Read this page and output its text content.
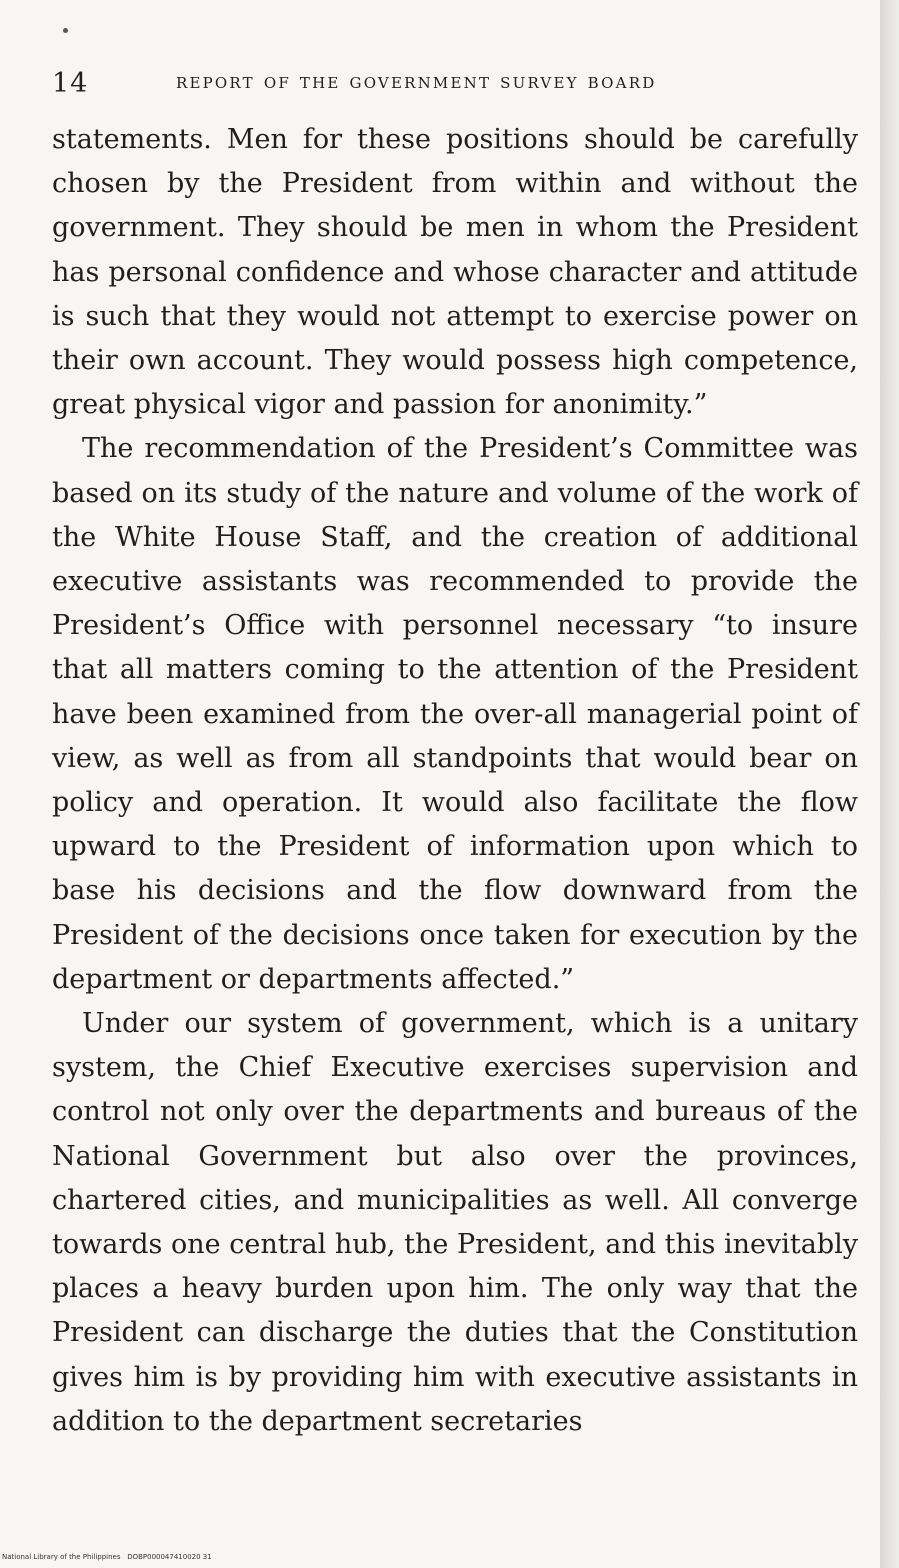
14	REPORT OF THE GOVERNMENT SURVEY BOARD

statements. Men for these positions should be carefully chosen by the President from within and without the government. They should be men in whom the President has personal confidence and whose character and attitude is such that they would not attempt to exercise power on their own account. They would possess high competence, great physical vigor and passion for anonimity.”

The recommendation of the President’s Committee was based on its study of the nature and volume of the work of the White House Staff, and the creation of additional executive assistants was recommended to provide the President’s Office with personnel necessary “to insure that all matters coming to the attention of the President have been examined from the over-all managerial point of view, as well as from all standpoints that would bear on policy and operation. It would also facilitate the flow upward to the President of information upon which to base his decisions and the flow downward from the President of the decisions once taken for execution by the department or departments affected.”

Under our system of government, which is a unitary system, the Chief Executive exercises supervision and control not only over the departments and bureaus of the National Government but also over the provinces, chartered cities, and municipalities as well. All converge towards one central hub, the President, and this inevitably places a heavy burden upon him. The only way that the President can discharge the duties that the Constitution gives him is by providing him with executive assistants in addition to the department secretaries

National Library of the Philippines DOBP000047410020 31
